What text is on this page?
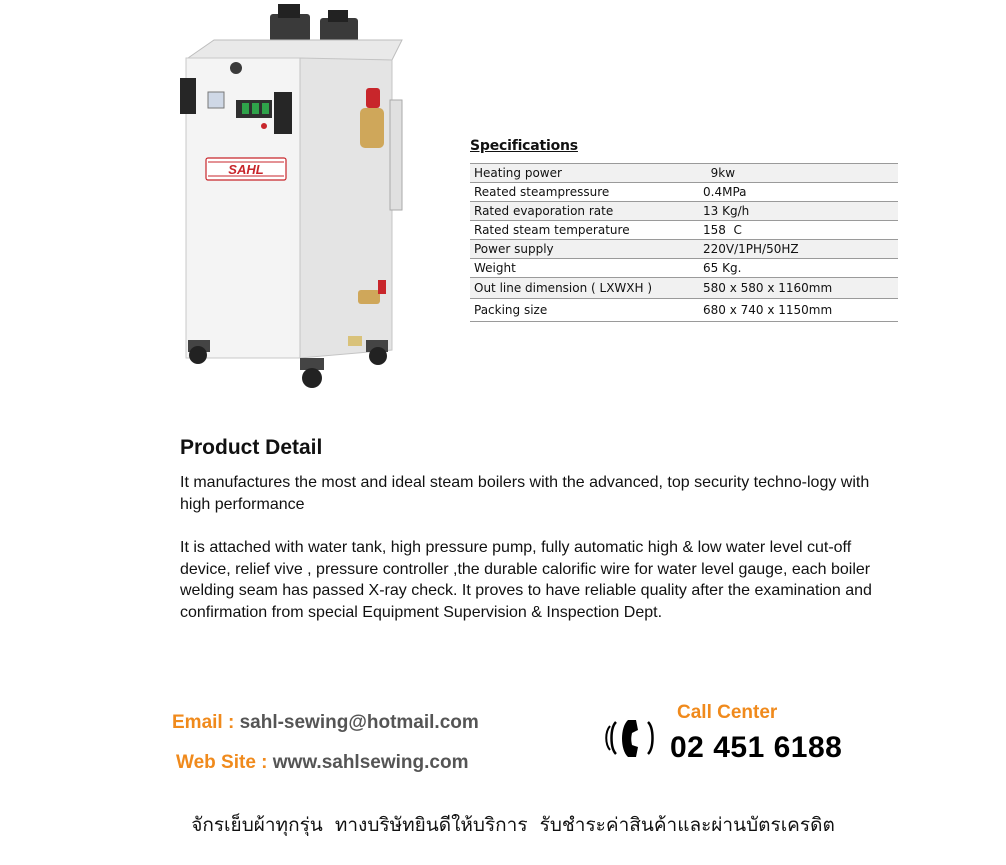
SAHL
Specifications
Heating power	9kw
Reated steampressure	0.4MPa
Rated evaporation rate	13 Kg/h
Rated steam temperature	158  C
Power supply	220V/1PH/50HZ
Weight	65 Kg.
Out line dimension ( LXWXH )	580 x 580 x 1160mm
Packing size	680 x 740 x 1150mm
Product Detail

It manufactures the most and ideal steam boilers with the advanced, top security techno-logy with high performance

It is attached with water tank, high pressure pump, fully automatic high & low water level cut-off device, relief vive , pressure controller ,the durable calorific wire for water level gauge, each boiler welding seam has passed X-ray check. It proves to have reliable quality after the examination and confirmation from special Equipment Supervision & Inspection Dept.

Email : sahl-sewing@hotmail.com
Web Site : www.sahlsewing.com
Call Center
02 451 6188
จักรเย็บผ้าทุกรุ่น  ทางบริษัทยินดีให้บริการ  รับชำระค่าสินค้าและผ่านบัตรเครดิต
